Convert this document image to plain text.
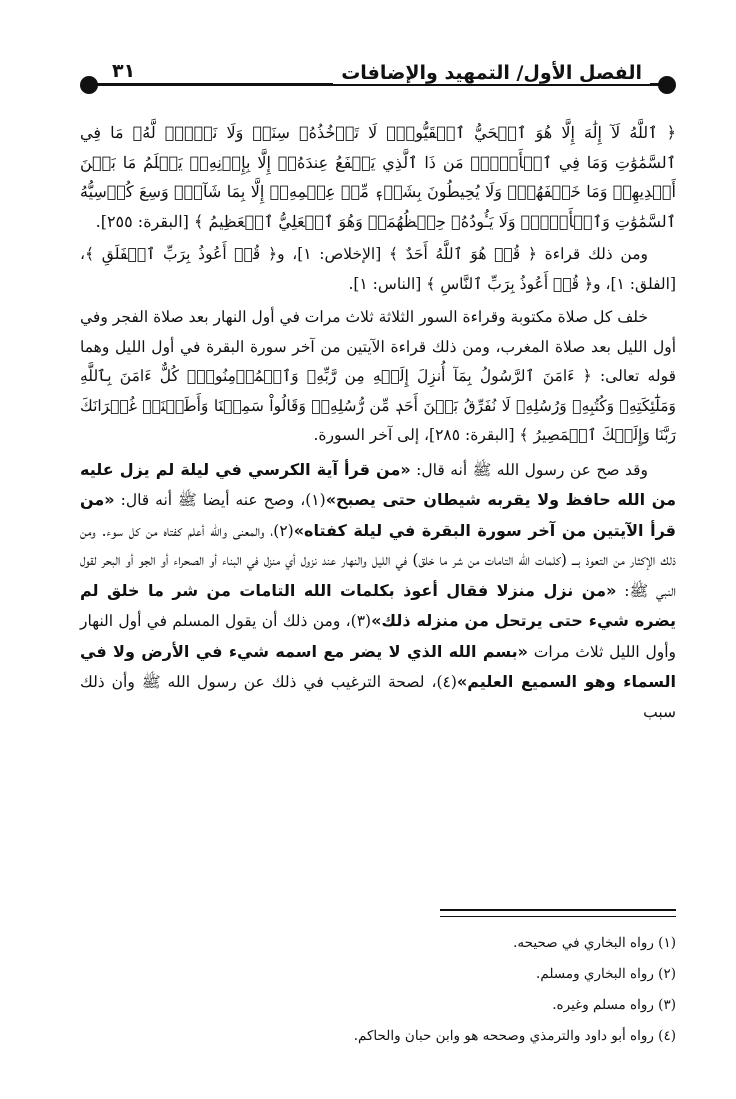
الفصل الأول/ التمهيد والإضافات
٣١

﴿ ٱللَّهُ لَآ إِلَٰهَ إِلَّا هُوَ ٱلۡحَيُّ ٱلۡقَيُّومُۚ لَا تَأۡخُذُهُۥ سِنَةٞ وَلَا نَوۡمٞۚ لَّهُۥ مَا فِي ٱلسَّمَٰوَٰتِ وَمَا فِي ٱلۡأَرۡضِۗ مَن ذَا ٱلَّذِي يَشۡفَعُ عِندَهُۥٓ إِلَّا بِإِذۡنِهِۦۚ يَعۡلَمُ مَا بَيۡنَ أَيۡدِيهِمۡ وَمَا خَلۡفَهُمۡۖ وَلَا يُحِيطُونَ بِشَيۡءٖ مِّنۡ عِلۡمِهِۦٓ إِلَّا بِمَا شَآءَۚ وَسِعَ كُرۡسِيُّهُ ٱلسَّمَٰوَٰتِ وَٱلۡأَرۡضَۖ وَلَا يَـُٔودُهُۥ حِفۡظُهُمَاۚ وَهُوَ ٱلۡعَلِيُّ ٱلۡعَظِيمُ ﴾ [البقرة: ٢٥٥].

ومن ذلك قراءة ﴿ قُلۡ هُوَ ٱللَّهُ أَحَدٌ ﴾ [الإخلاص: ١]، و﴿ قُلۡ أَعُوذُ بِرَبِّ ٱلۡفَلَقِ ﴾، [الفلق: ١]، و﴿ قُلۡ أَعُوذُ بِرَبِّ ٱلنَّاسِ ﴾ [الناس: ١].

خلف كل صلاة مكتوبة وقراءة السور الثلاثة ثلاث مرات في أول النهار بعد صلاة الفجر وفي أول الليل بعد صلاة المغرب، ومن ذلك قراءة الآيتين من آخر سورة البقرة في أول الليل وهما قوله تعالى: ﴿ ءَامَنَ ٱلرَّسُولُ بِمَآ أُنزِلَ إِلَيۡهِ مِن رَّبِّهِۦ وَٱلۡمُؤۡمِنُونَۚ كُلٌّ ءَامَنَ بِٱللَّهِ وَمَلَٰٓئِكَتِهِۦ وَكُتُبِهِۦ وَرُسُلِهِۦ لَا نُفَرِّقُ بَيۡنَ أَحَدٖ مِّن رُّسُلِهِۦۚ وَقَالُواْ سَمِعۡنَا وَأَطَعۡنَاۖ غُفۡرَانَكَ رَبَّنَا وَإِلَيۡكَ ٱلۡمَصِيرُ ﴾ [البقرة: ٢٨٥]، إلى آخر السورة.

وقد صح عن رسول الله ﷺ أنه قال: «من قرأ آية الكرسي في ليلة لم يزل عليه من الله حافظ ولا يقربه شيطان حتى يصبح»(١)، وصح عنه أيضا ﷺ أنه قال: «من قرأ الآيتين من آخر سورة البقرة في ليلة كفتاه»(٢)، والمعنى والله أعلم كفتاه من كل سوء. ومن ذلك الإكثار من التعوذ بـــ (كلمات الله التامات من شر ما خلق) في الليل والنهار عند نزول أي منزل في البناء أو الصحراء أو الجو أو البحر لقول النبي ﷺ: «من نزل منزلا فقال أعوذ بكلمات الله التامات من شر ما خلق لم يضره شيء حتى يرتحل من منزله ذلك»(٣)، ومن ذلك أن يقول المسلم في أول النهار وأول الليل ثلاث مرات «بسم الله الذي لا يضر مع اسمه شيء في الأرض ولا في السماء وهو السميع العليم»(٤)، لصحة الترغيب في ذلك عن رسول الله ﷺ وأن ذلك سبب

(١) رواه البخاري في صحيحه.
(٢) رواه البخاري ومسلم.
(٣) رواه مسلم وغيره.
(٤) رواه أبو داود والترمذي وصححه هو وابن حبان والحاكم.
